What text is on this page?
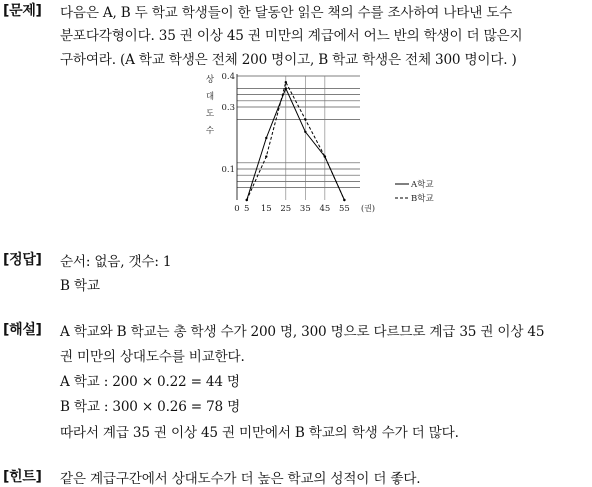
[문제] 다음은 A, B 두 학교 학생들이 한 달동안 읽은 책의 수를 조사하여 나타낸 도수
분포다각형이다. 35 권 이상 45 권 미만의 계급에서 어느 반의 학생이 더 많은지
구하여라. (A 학교 학생은 전체 200 명이고, B 학교 학생은 전체 300 명이다. )
상
대
도
수
0.1
0.3
0.4
0 5 15 25 35 45 55 (권)
A학교
B학교
[정답] 순서: 없음, 갯수: 1
B 학교
[해설] A 학교와 B 학교는 총 학생 수가 200 명, 300 명으로 다르므로 계급 35 권 이상 45
권 미만의 상대도수를 비교한다.
A 학교 : 200 × 0.22 = 44 명
B 학교 : 300 × 0.26 = 78 명
따라서 계급 35 권 이상 45 권 미만에서 B 학교의 학생 수가 더 많다.
[힌트] 같은 계급구간에서 상대도수가 더 높은 학교의 성적이 더 좋다.
